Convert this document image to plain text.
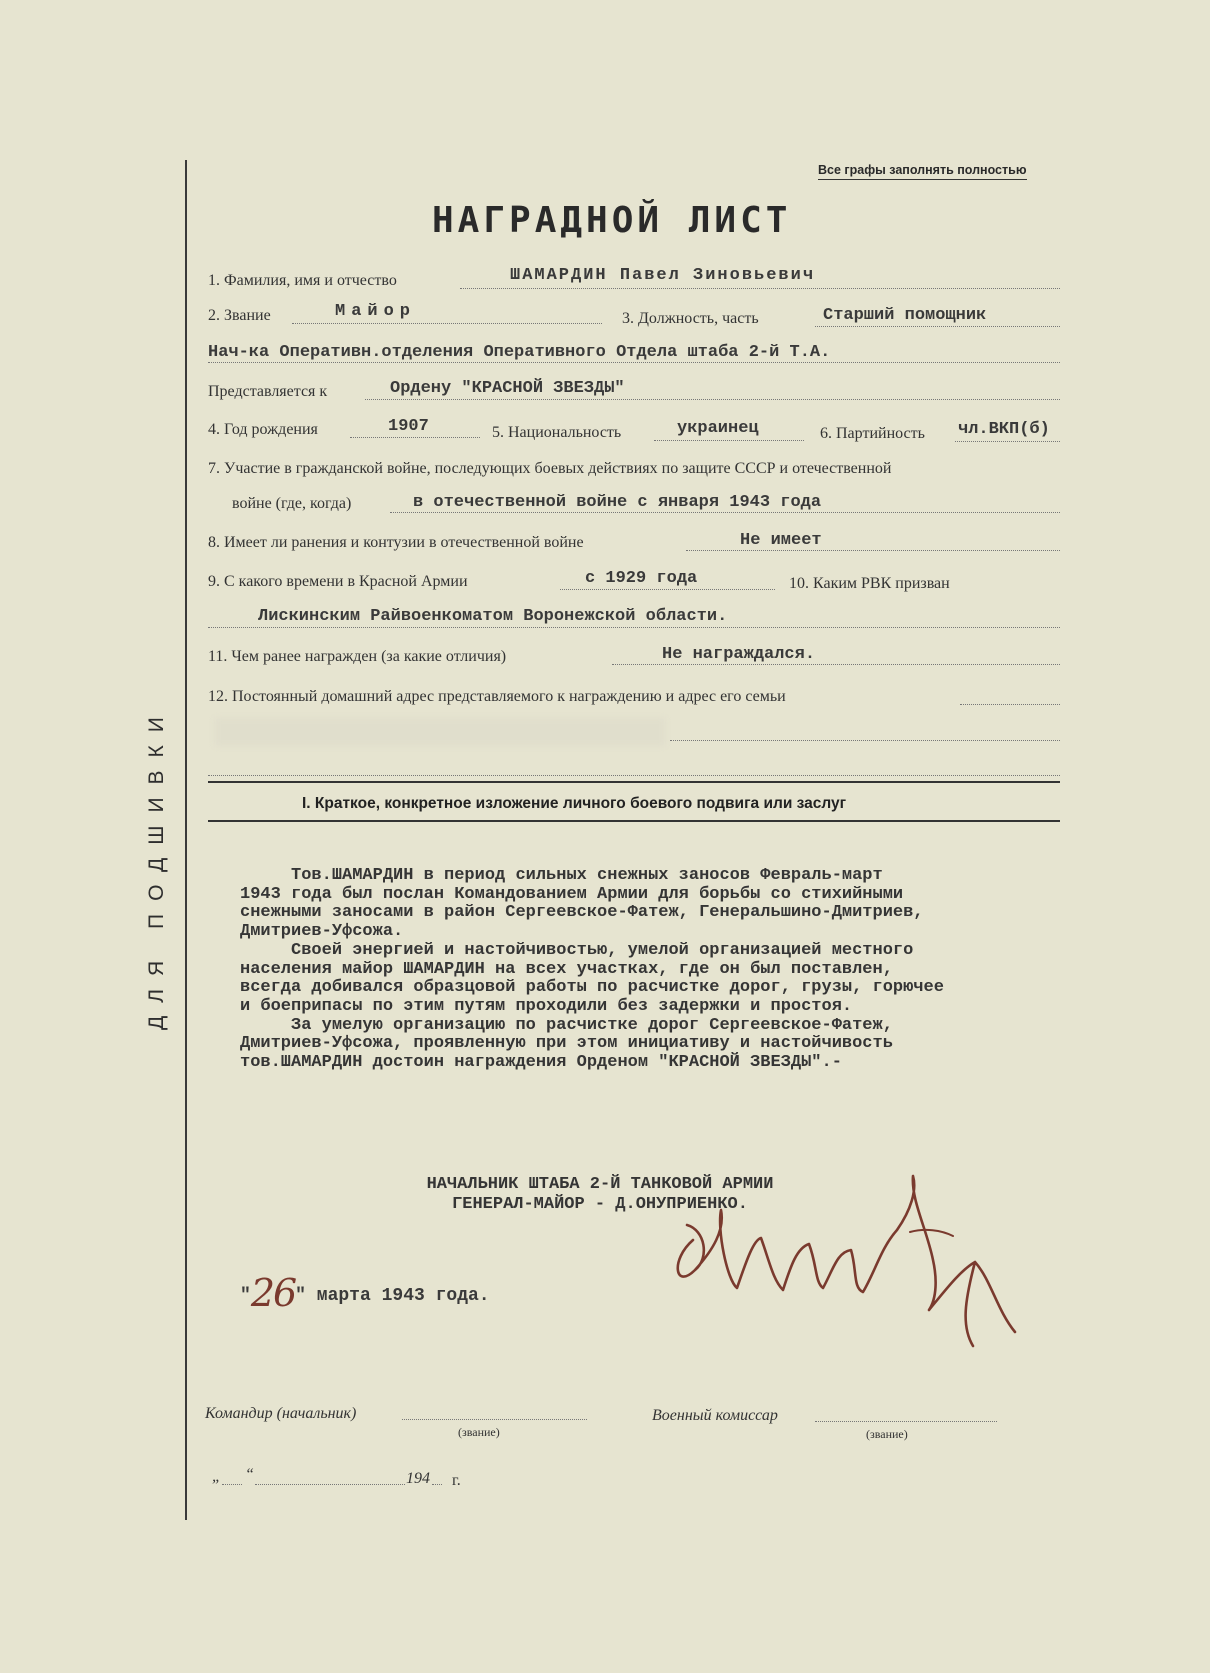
ДЛЯ ПОДШИВКИ
Все графы заполнять полностью
НАГРАДНОЙ ЛИСТ
1. Фамилия, имя и отчество	ШАМАРДИН Павел Зиновьевич
2. Звание	Майор	3. Должность, часть	Старший помощник
Нач-ка Оперативн.отделения Оперативного Отдела штаба 2-й Т.А.
Представляется к	Ордену "КРАСНОЙ ЗВЕЗДЫ"
4. Год рождения	1907	5. Национальность	украинец	6. Партийность чл.ВКП(б)
7. Участие в гражданской войне, последующих боевых действиях по защите СССР и отечественной
войне (где, когда)	в отечественной войне с января 1943 года
8. Имеет ли ранения и контузии в отечественной войне	Не имеет
9. С какого времени в Красной Армии	с 1929 года	10. Каким РВК призван
Лискинским Райвоенкоматом Воронежской области.
11. Чем ранее награжден (за какие отличия)	Не награждался.
12. Постоянный домашний адрес представляемого к награждению и адрес его семьи
I. Краткое, конкретное изложение личного боевого подвига или заслуг
Тов.ШАМАРДИН в период сильных снежных заносов Февраль-март
1943 года был послан Командованием Армии для борьбы со стихийными
снежными заносами в район Сергеевское-Фатеж, Генеральшино-Дмитриев,
Дмитриев-Уфсожа.
Своей энергией и настойчивостью, умелой организацией местного
населения майор ШАМАРДИН на всех участках, где он был поставлен,
всегда добивался образцовой работы по расчистке дорог, грузы, горючее
и боеприпасы по этим путям проходили без задержки и простоя.
За умелую организацию по расчистке дорог Сергеевское-Фатеж,
Дмитриев-Уфсожа, проявленную при этом инициативу и настойчивость
тов.ШАМАРДИН достоин награждения Орденом "КРАСНОЙ ЗВЕЗДЫ".-
НАЧАЛЬНИК ШТАБА 2-Й ТАНКОВОЙ АРМИИ
ГЕНЕРАЛ-МАЙОР - Д.ОНУПРИЕНКО.
"26" марта 1943 года.
Командир (начальник)
(звание)
Военный комиссар
(звание)
„ “	194 г.
